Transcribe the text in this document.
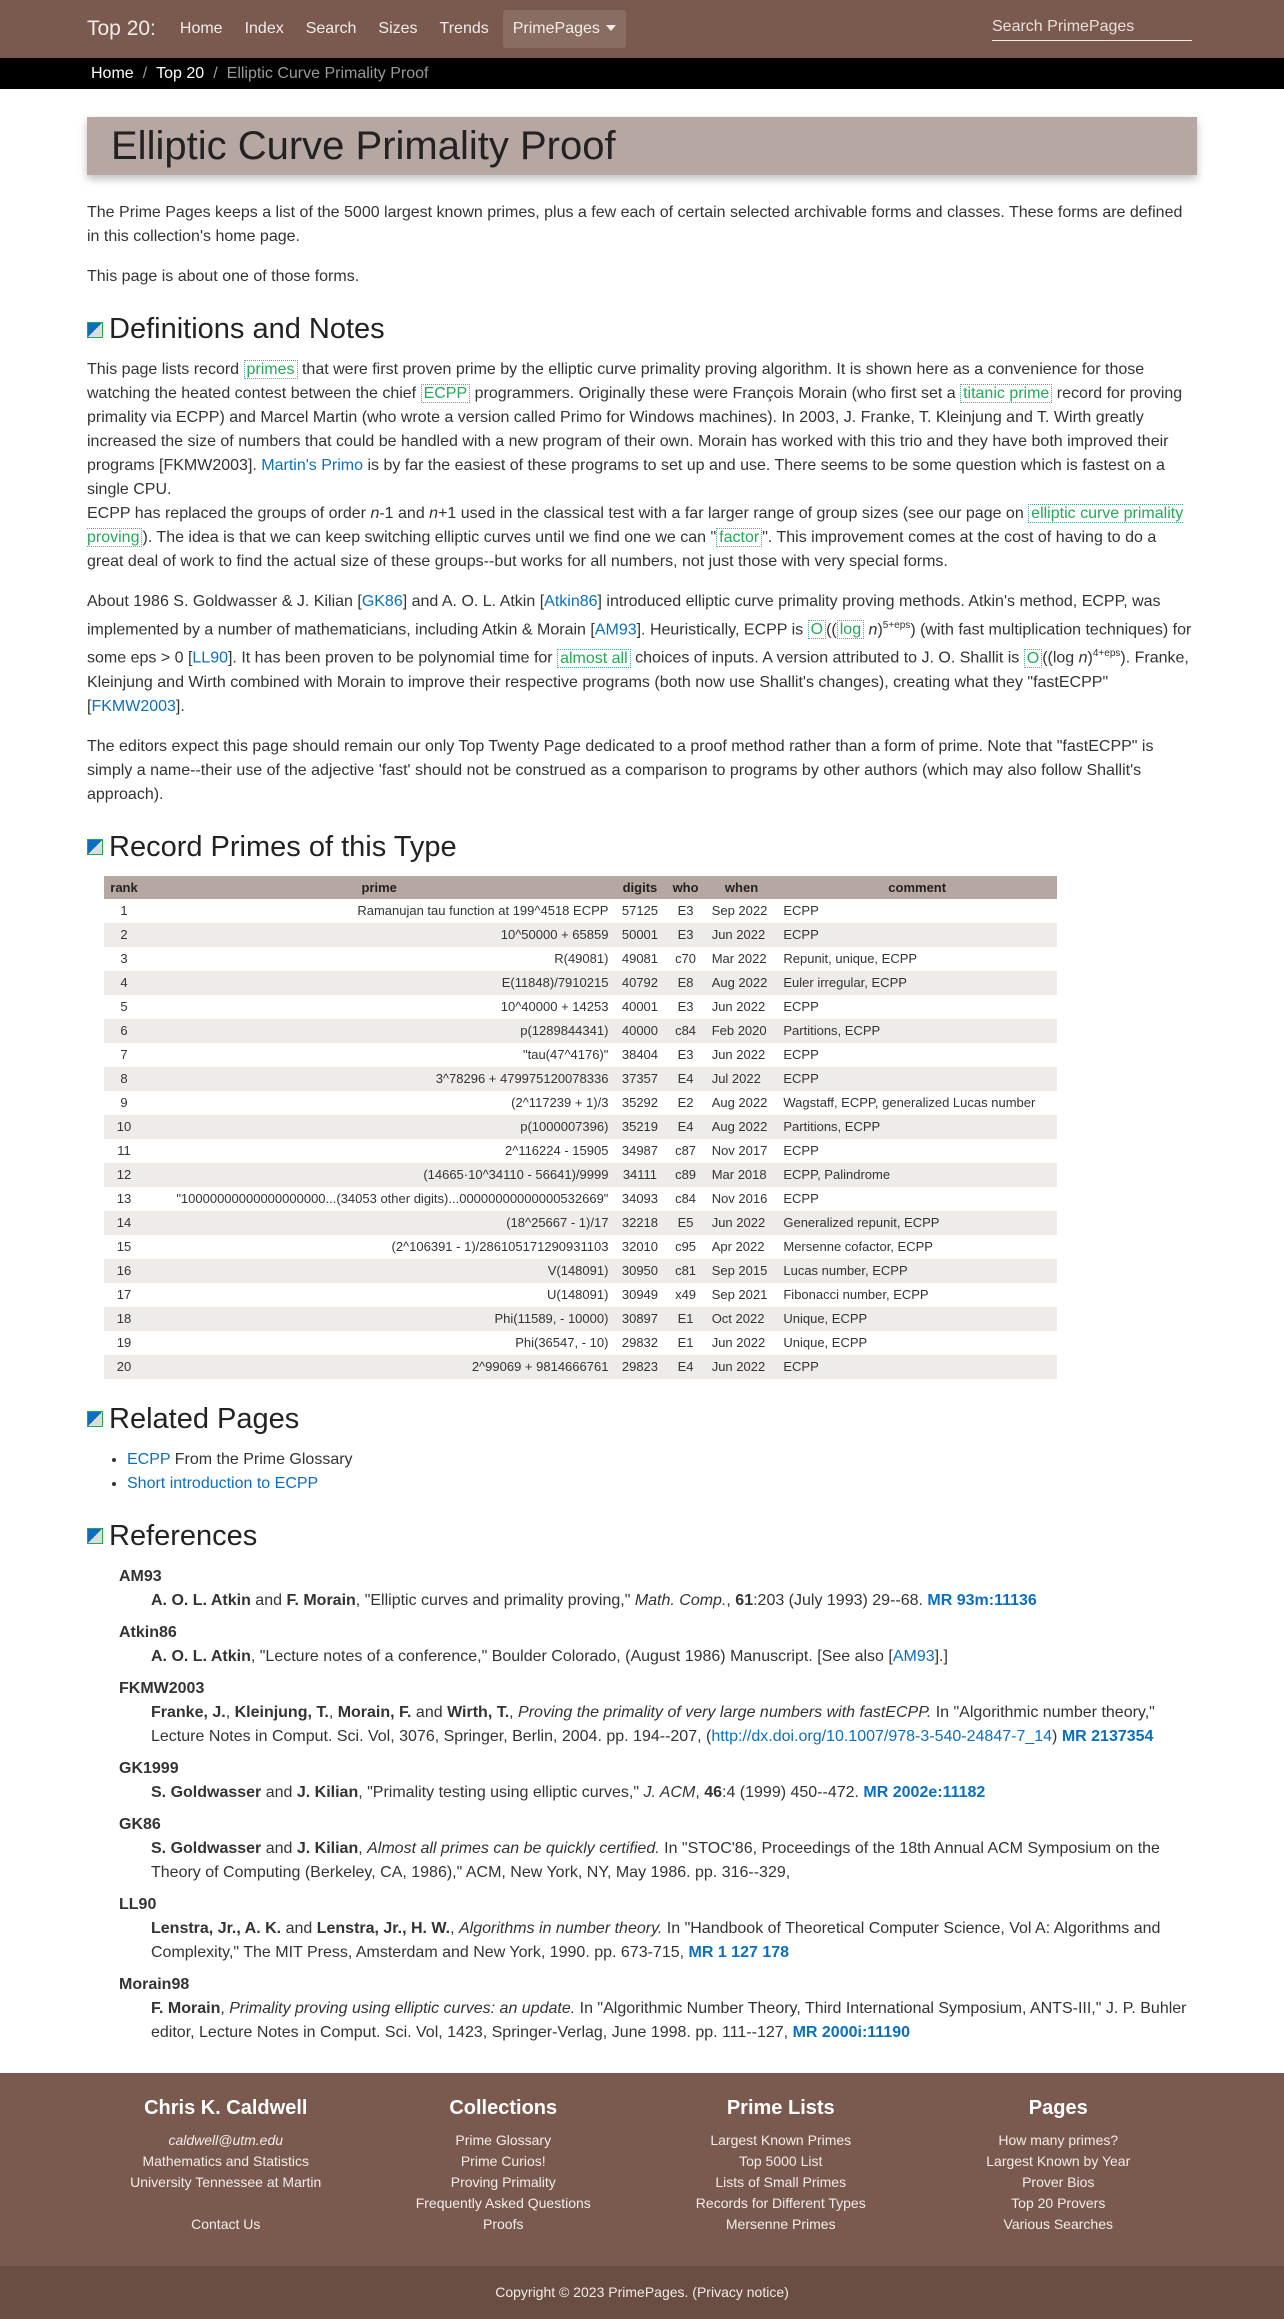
Top 20: Home Index Search Sizes Trends	PrimePages
Search PrimePages
Home / Top 20 / Elliptic Curve Primality Proof
Elliptic Curve Primality Proof

The Prime Pages keeps a list of the 5000 largest known primes, plus a few each of certain selected archivable forms and classes. These forms are defined in this collection's home page.

This page is about one of those forms.

Definitions and Notes

This page lists record primes that were first proven prime by the elliptic curve primality proving algorithm. It is shown here as a convenience for those watching the heated contest between the chief ECPP programmers. Originally these were François Morain (who first set a titanic prime record for proving primality via ECPP) and Marcel Martin (who wrote a version called Primo for Windows machines). In 2003, J. Franke, T. Kleinjung and T. Wirth greatly increased the size of numbers that could be handled with a new program of their own. Morain has worked with this trio and they have both improved their programs [FKMW2003]. Martin's Primo is by far the easiest of these programs to set up and use. There seems to be some question which is fastest on a single CPU.

ECPP has replaced the groups of order n-1 and n+1 used in the classical test with a far larger range of group sizes (see our page on elliptic curve primality proving ). The idea is that we can keep switching elliptic curves until we find one we can " factor ". This improvement comes at the cost of having to do a great deal of work to find the actual size of these groups--but works for all numbers, not just those with very special forms.

About 1986 S. Goldwasser & J. Kilian [GK86] and A. O. L. Atkin [Atkin86] introduced elliptic curve primality proving methods. Atkin's method, ECPP, was implemented by a number of mathematicians, including Atkin & Morain [AM93]. Heuristically, ECPP is O (( log n)$^{5+eps}$) (with fast multiplication techniques) for some eps > 0 [LL90]. It has been proven to be polynomial time for almost all choices of inputs. A version attributed to J. O. Shallit is O ((log n)$^{4+eps}$). Franke, Kleinjung and Wirth combined with Morain to improve their respective programs (both now use Shallit's changes), creating what they "fastECPP" [FKMW2003].

The editors expect this page should remain our only Top Twenty Page dedicated to a proof method rather than a form of prime. Note that "fastECPP" is simply a name--their use of the adjective 'fast' should not be construed as a comparison to programs by other authors (which may also follow Shallit's approach).

Record Primes of this Type
rank	prime	digits	who	when	comment
1	Ramanujan tau function at 199^4518 ECPP	57125	E3	Sep 2022	ECPP
2	10^50000 + 65859	50001	E3	Jun 2022	ECPP
3	R(49081)	49081	c70	Mar 2022	Repunit, unique, ECPP
4	E(11848)/7910215	40792	E8	Aug 2022	Euler irregular, ECPP
5	10^40000 + 14253	40001	E3	Jun 2022	ECPP
6	p(1289844341)	40000	c84	Feb 2020	Partitions, ECPP
7	"tau(47^4176)"	38404	E3	Jun 2022	ECPP
8	3^78296 + 479975120078336	37357	E4	Jul 2022	ECPP
9	(2^117239 + 1)/3	35292	E2	Aug 2022	Wagstaff, ECPP, generalized Lucas number
10	p(1000007396)	35219	E4	Aug 2022	Partitions, ECPP
11	2^116224 - 15905	34987	c87	Nov 2017	ECPP
12	(14665·10^34110 - 56641)/9999	34111	c89	Mar 2018	ECPP, Palindrome
13	"10000000000000000000...(34053 other digits)...00000000000000532669"	34093	c84	Nov 2016	ECPP
14	(18^25667 - 1)/17	32218	E5	Jun 2022	Generalized repunit, ECPP
15	(2^106391 - 1)/286105171290931103	32010	c95	Apr 2022	Mersenne cofactor, ECPP
16	V(148091)	30950	c81	Sep 2015	Lucas number, ECPP
17	U(148091)	30949	x49	Sep 2021	Fibonacci number, ECPP
18	Phi(11589, - 10000)	30897	E1	Oct 2022	Unique, ECPP
19	Phi(36547, - 10)	29832	E1	Jun 2022	Unique, ECPP
20	2^99069 + 9814666761	29823	E4	Jun 2022	ECPP
Related Pages
• ECPP From the Prime Glossary
• Short introduction to ECPP
References
AM93
A. O. L. Atkin and F. Morain, "Elliptic curves and primality proving," Math. Comp., 61:203 (July 1993) 29--68. MR 93m:11136
Atkin86
A. O. L. Atkin, "Lecture notes of a conference," Boulder Colorado, (August 1986) Manuscript. [See also [AM93].]
FKMW2003
Franke, J., Kleinjung, T., Morain, F. and Wirth, T., Proving the primality of very large numbers with fastECPP. In "Algorithmic number theory," Lecture Notes in Comput. Sci. Vol, 3076, Springer, Berlin, 2004. pp. 194--207, (http://dx.doi.org/10.1007/978-3-540-24847-7_14) MR 2137354
GK1999
S. Goldwasser and J. Kilian, "Primality testing using elliptic curves," J. ACM, 46:4 (1999) 450--472. MR 2002e:11182
GK86
S. Goldwasser and J. Kilian, Almost all primes can be quickly certified. In "STOC'86, Proceedings of the 18th Annual ACM Symposium on the Theory of Computing (Berkeley, CA, 1986)," ACM, New York, NY, May 1986. pp. 316--329,
LL90
Lenstra, Jr., A. K. and Lenstra, Jr., H. W., Algorithms in number theory. In "Handbook of Theoretical Computer Science, Vol A: Algorithms and Complexity," The MIT Press, Amsterdam and New York, 1990. pp. 673-715, MR 1 127 178
Morain98
F. Morain, Primality proving using elliptic curves: an update. In "Algorithmic Number Theory, Third International Symposium, ANTS-III," J. P. Buhler editor, Lecture Notes in Comput. Sci. Vol, 1423, Springer-Verlag, June 1998. pp. 111--127, MR 2000i:11190
Chris K. Caldwell
caldwell@utm.edu
Mathematics and Statistics
University Tennessee at Martin

Contact Us
Collections
Prime Glossary
Prime Curios!
Proving Primality
Frequently Asked Questions
Proofs
Prime Lists
Largest Known Primes
Top 5000 List
Lists of Small Primes
Records for Different Types
Mersenne Primes
Pages
How many primes?
Largest Known by Year
Prover Bios
Top 20 Provers
Various Searches
Copyright © 2023 PrimePages. (Privacy notice)
